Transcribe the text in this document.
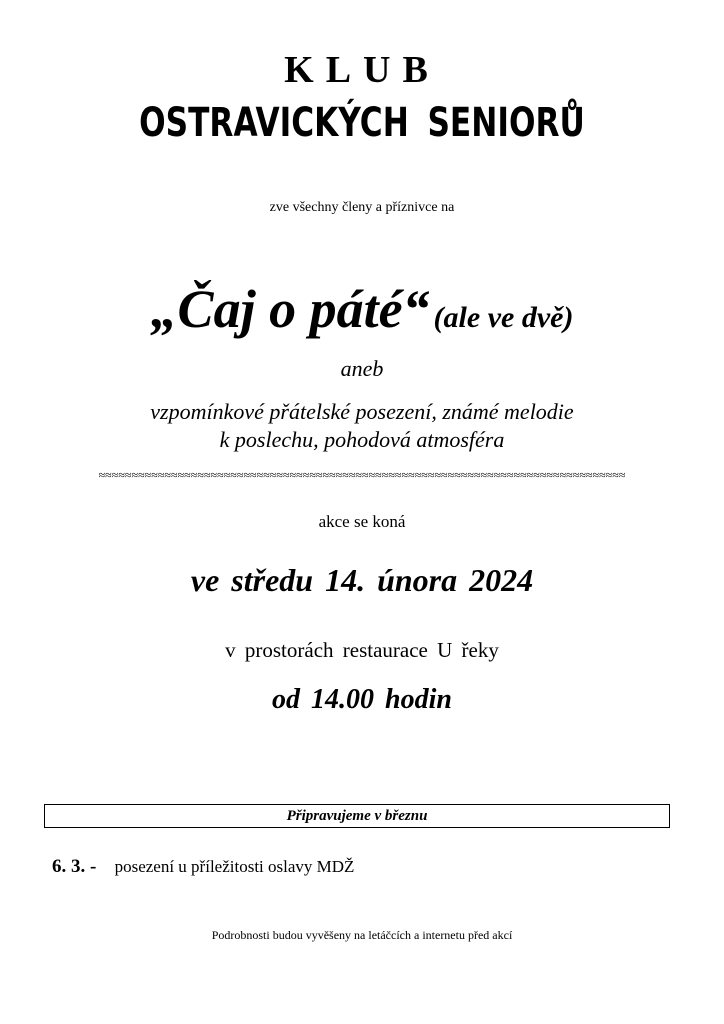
KLUB
OSTRAVICKÝCH SENIORŮ
zve všechny členy a příznivce na
„Čaj o páté“ (ale ve dvě)
aneb
vzpomínkové přátelské posezení, známé melodie
k poslechu, pohodová atmosféra
≈≈≈≈≈≈≈≈≈≈≈≈≈≈≈≈≈≈≈≈≈≈≈≈≈≈≈≈≈≈≈≈≈≈≈≈≈≈≈≈≈≈≈≈≈≈≈≈≈≈≈≈≈≈≈≈≈≈≈≈≈≈≈≈≈≈≈≈≈≈≈≈≈≈≈≈≈≈≈≈
akce se koná
ve středu 14. února 2024
v prostorách restaurace U řeky
od 14.00 hodin
Připravujeme v březnu
6. 3. - posezení u příležitosti oslavy MDŽ
Podrobnosti budou vyvěšeny na letáčcích a internetu před akcí
